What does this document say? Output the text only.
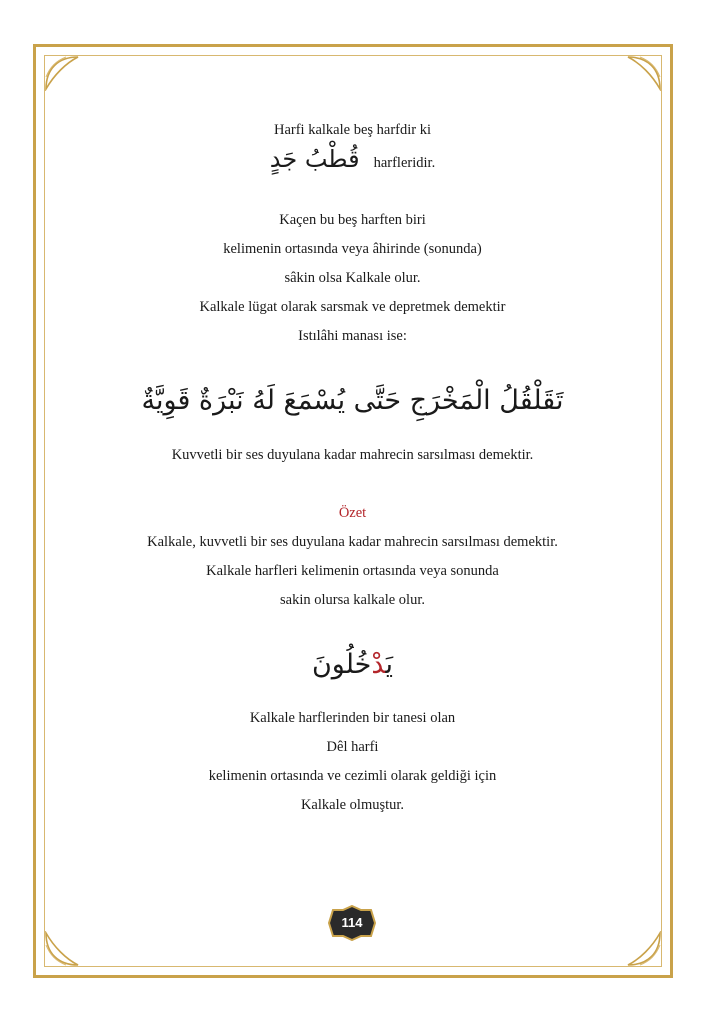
Harfi kalkale beş harfdir ki
قُطْبُ جَدٍ harfleridir.
Kaçen bu beş harften biri
kelimenin ortasında veya âhirinde (sonunda)
sâkin olsa Kalkale olur.
Kalkale lügat olarak sarsmak ve depretmek demektir
Istılâhi manası ise:
تَقَلْقُلُ الْمَخْرَجِ حَتَّى يُسْمَعَ لَهُ نَبْرَةٌ قَوِيَّةٌ
Kuvvetli bir ses duyulana kadar mahrecin sarsılması demektir.
Özet
Kalkale, kuvvetli bir ses duyulana kadar mahrecin sarsılması demektir.
Kalkale harfleri kelimenin ortasında veya sonunda
sakin olursa kalkale olur.
يَدْخُلُونَ
Kalkale harflerinden bir tanesi olan
Dêl harfi
kelimenin ortasında ve cezimli olarak geldiği için
Kalkale olmuştur.
114
